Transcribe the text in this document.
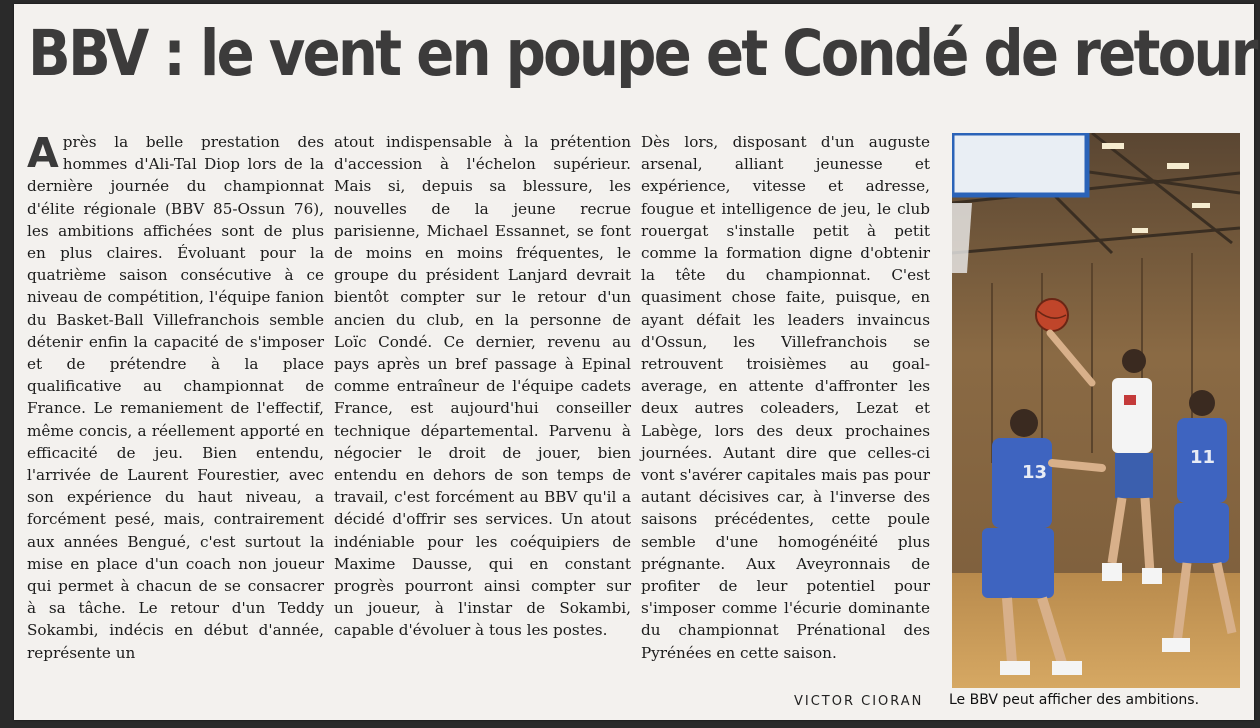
BBV : le vent en poupe et Condé de retour

Après la belle prestation des hommes d'Ali-Tal Diop lors de la dernière journée du championnat d'élite régionale (BBV 85-Ossun 76), les ambitions affichées sont de plus en plus claires. Évoluant pour la quatrième saison consécutive à ce niveau de compétition, l'équipe fanion du Basket-Ball Villefranchois semble détenir enfin la capacité de s'imposer et de prétendre à la place qualificative au championnat de France. Le remaniement de l'effectif, même concis, a réellement apporté en efficacité de jeu. Bien entendu, l'arrivée de Laurent Fourestier, avec son expérience du haut niveau, a forcément pesé, mais, contrairement aux années Bengué, c'est surtout la mise en place d'un coach non joueur qui permet à chacun de se consacrer à sa tâche. Le retour d'un Teddy Sokambi, indécis en début d'année, représente un

atout indispensable à la prétention d'accession à l'échelon supérieur. Mais si, depuis sa blessure, les nouvelles de la jeune recrue parisienne, Michael Essannet, se font de moins en moins fréquentes, le groupe du président Lanjard devrait bientôt compter sur le retour d'un ancien du club, en la personne de Loïc Condé. Ce dernier, revenu au pays après un bref passage à Epinal comme entraîneur de l'équipe cadets France, est aujourd'hui conseiller technique départemental. Parvenu à négocier le droit de jouer, bien entendu en dehors de son temps de travail, c'est forcément au BBV qu'il a décidé d'offrir ses services. Un atout indéniable pour les coéquipiers de Maxime Dausse, qui en constant progrès pourront ainsi compter sur un joueur, à l'instar de Sokambi, capable d'évoluer à tous les postes.

Dès lors, disposant d'un auguste arsenal, alliant jeunesse et expérience, vitesse et adresse, fougue et intelligence de jeu, le club rouergat s'installe petit à petit comme la formation digne d'obtenir la tête du championnat. C'est quasiment chose faite, puisque, en ayant défait les leaders invaincus d'Ossun, les Villefranchois se retrouvent troisièmes au goal-average, en attente d'affronter les deux autres coleaders, Lezat et Labège, lors des deux prochaines journées. Autant dire que celles-ci vont s'avérer capitales mais pas pour autant décisives car, à l'inverse des saisons précédentes, cette poule semble d'une homogénéité plus prégnante. Aux Aveyronnais de profiter de leur potentiel pour s'imposer comme l'écurie dominante du championnat Prénational des Pyrénées en cette saison.

VICTOR CIORAN
13
11
Le BBV peut afficher des ambitions.
